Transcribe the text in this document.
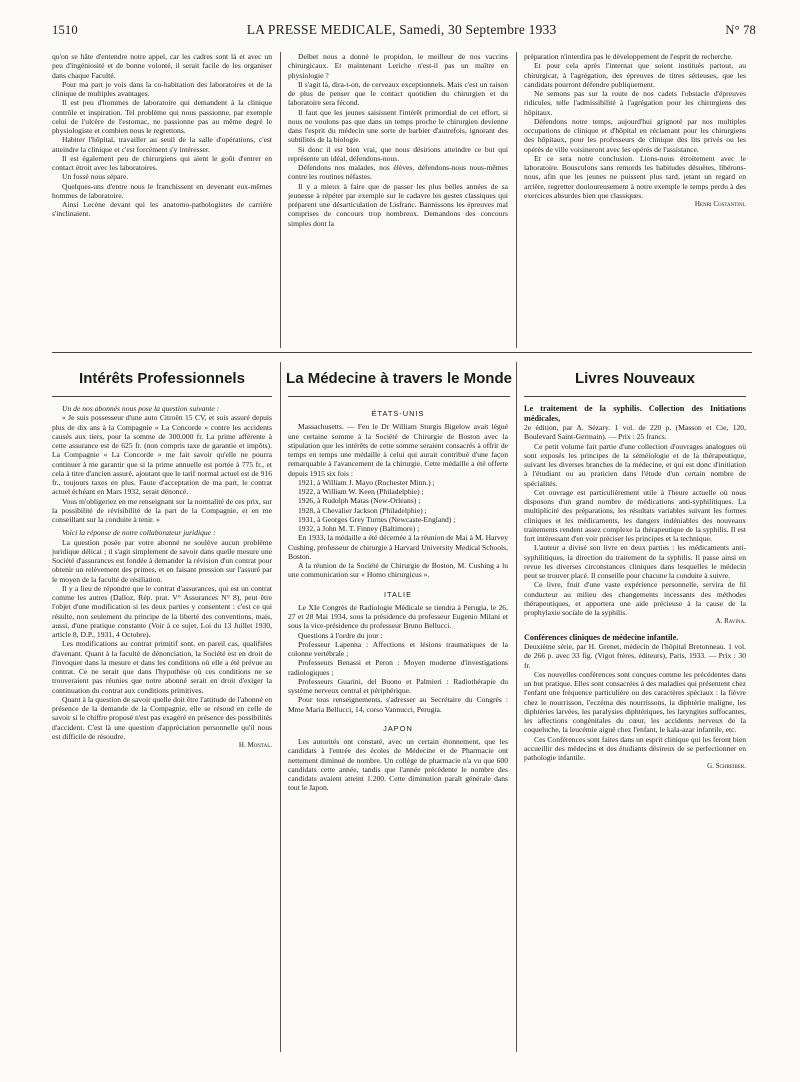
1510	LA PRESSE MEDICALE, Samedi, 30 Septembre 1933	N° 78

qu'on se hâte d'entendre notre appel, car les cadres sont là et avec un peu d'ingéniosité et de bonne volonté, il serait facile de les organiser dans chaque Faculté.

Pour ma part je vois dans la co-habitation des laboratoires et de la clinique de multiples avantages.

Il est peu d'hommes de laboratoire qui demandent à la clinique contrôle et inspiration. Tel problème qui nous passionne, par exemple celui de l'ulcère de l'estomac, ne passionne pas au même degré le physiologiste et combien nous le regrettons.

Habiter l'hôpital, travailler au seuil de la salle d'opérations, c'est atteindre la clinique et c'est forcément s'y intéresser.

Il est également peu de chirurgiens qui aient le goût d'entrer en contact étroit avec les laboratoires.

Un fossé nous sépare.

Quelques-uns d'entre nous le franchissent en devenant eux-mêmes hommes de laboratoire.

Ainsi Lecène devant qui les anatomo-pathologistes de carrière s'inclinaient.

Delbet nous a donné le propidon, le meilleur de nos vaccins chirurgicaux. Et maintenant Leriche n'est-il pas un maître en physiologie ?

Il s'agit là, dira-t-on, de cerveaux exceptionnels. Mais c'est un raison de plus de penser que le contact quotidien du chirurgien et du laboratoire sera fécond.

Il faut que les jeunes saisissent l'intérêt primordial de cet effort, si nous ne voulons pas que dans un temps proche le chirurgien devienne dans l'esprit du médecin une sorte de barbier d'autrefois, ignorant des subtilités de la biologie.

Si donc il est bien vrai, que nous désirions atteindre ce but qui représente un idéal, défendons-nous.

Défendons nos malades, nos élèves, défendons-nous nous-mêmes contre les routines néfastes.

Il y a mieux à faire que de passer les plus belles années de sa jeunesse à répéter par exemple sur le cadavre les gestes classiques qui préparent une désarticulation de Lisfranc. Bannissons les épreuves mal comprises de concours trop nombreux. Demandons des concours simples dont la

préparation n'interdira pas le développement de l'esprit de recherche.

Et pour cela après l'internat que soient institués partout, au chirurgicat, à l'agrégation, des épreuves de titres sérieuses, que les candidats pourront défendre publiquement.

Ne semons pas sur la route de nos cadets l'obstacle d'épreuves ridicules, telle l'admissibilité à l'agrégation pour les chirurgiens des hôpitaux.

Défendons notre temps, aujourd'hui grignoté par nos multiples occupations de clinique et d'hôpital en réclamant pour les chirurgiens des hôpitaux, pour les professeurs de clinique des lits privés ou les opérés de ville voisineront avec les opérés de l'assistance.

Et ce sera notre conclusion. Lions-nous étroitement avec le laboratoire. Bousculons sans remords les habitudes désuètes, libérons-nous, afin que les jeunes ne puissent plus tard, jetant un regard en arrière, regretter douloureusement à notre exemple le temps perdu à des exercices absurdes bien que classiques.

Henri Costantini.

Intérêts Professionnels	La Médecine à travers le Monde	Livres Nouveaux

Un de nos abonnés nous pose la question suivante :

« Je suis possesseur d'une auto Citroën 15 CV, et suis assuré depuis plus de dix ans à la Compagnie « La Concorde » contre les accidents causés aux tiers, pour la somme de 300.000 fr. La prime afférente à cette assurance est de 625 fr. (non compris taxe de garantie et impôts). La Compagnie « La Concorde » me fait savoir qu'elle ne pourra continuer à me garantir que si la prime annuelle est portée à 775 fr., et cela à titre d'ancien assuré, ajoutant que le tarif normal actuel est de 916 fr., toujours taxes en plus. Faute d'acceptation de ma part, le contrat actuel échéant en Mars 1932, serait dénoncé.

Vous m'obligeriez en me renseignant sur la normalité de ces prix, sur la possibilité de révisibilité de la part de la Compagnie, et en me conseillant sur la conduite à tenir. »

Voici la réponse de notre collaborateur juridique :

La question posée par votre abonné ne soulève aucun problème juridique délicat ; il s'agit simplement de savoir dans quelle mesure une Société d'assurances est fondée à demander la révision d'un contrat pour obtenir un relèvement des primes, et en faisant pression sur l'assuré par le moyen de la faculté de résiliation.

Il y a lieu de répondre que le contrat d'assurances, qui est un contrat comme les autres (Dalloz, Rép. prat. V° Assurances N° 8), peut être l'objet d'une modification si les deux parties y consentent : c'est ce qui résulte, non seulement du principe de la liberté des conventions, mais, aussi, d'une pratique constante (Voir à ce sujet, Loi du 13 Juillet 1930, article 8, D.P., 1931, 4 Octobre).

Les modifications au contrat primitif sont, en pareil cas, qualifiées d'avenant. Quant à la faculté de dénonciation, la Société est en droit de l'invoquer dans la mesure et dans les conditions où elle a été prévue au contrat. Ce ne serait que dans l'hypothèse où ces conditions ne se trouveraient pas réunies que notre abonné serait en droit d'exiger la continuation du contrat aux conditions primitives.

Quant à la question de savoir quelle doit être l'attitude de l'abonné en présence de la demande de la Compagnie, elle se résoud en celle de savoir si le chiffre proposé n'est pas exagéré en présence des possibilités d'accident. C'est là une question d'appréciation personnelle qu'il nous est difficile de résoudre.

H. Montal.

ÉTATS-UNIS

Massachusetts. — Feu le Dr William Sturgis Bigelow avait légué une certaine somme à la Société de Chirurgie de Boston avec la stipulation que les intérêts de cette somme seraient consacrés à offrir de temps en temps une médaille à celui qui aurait contribué d'une façon remarquable à l'avancement de la chirurgie. Cette médaille a été offerte depuis 1915 six fois :

1921, à William J. Mayo (Rochester Minn.) ;

1922, à William W. Keen (Philadelphie) ;

1926, à Rudolph Matas (New-Orleans) ;

1928, à Chevalier Jackson (Philadelphie) ;

1931, à Georges Grey Turnes (Newcaste-England) ;

1932, à John M. T. Finney (Baltimore) ;

En 1933, la médaille a été décernée à la réunion de Mai à M. Harvey Cushing, professeur de chirurgie à Harvard University Medical Schools, Boston.

A la réunion de la Société de Chirurgie de Boston, M. Cushing a lu une communication sur « Homo chirurgicus ».

ITALIE

Le XIe Congrès de Radiologie Médicale se tiendra à Perugia, le 26, 27 et 28 Mai 1934, sous la présidence du professeur Eugenio Milani et sous la vice-présidence du professeur Bruno Bellucci.

Questions à l'ordre du jour :

Professeur Lapenna : Affections et lésions traumatiques de la colonne vertébrale ;

Professeurs Benassi et Peron : Moyen moderne d'investigations radiologiques ;

Professeurs Guarini, del Buono et Palmieri : Radiothérapie du système nerveux central et périphérique.

Pour tous renseignements, s'adresser au Secrétaire du Congrès : Mme Maria Bellucci, 14, corso Vannucci, Perugia.

JAPON

Les autorités ont constaté, avec un certain étonnement, que les candidats à l'entrée des écoles de Médecine et de Pharmacie ont nettement diminué de nombre. Un collège de pharmacie n'a vu que 600 candidats cette année, tandis que l'année précédente le nombre des candidats avaient atteint 1.200. Cette diminution paraît générale dans tout le Japon.

Le traitement de la syphilis. Collection des Initiations médicales,

2e édition, par A. Sézary. 1 vol. de 220 p. (Masson et Cie, 120, Boulevard Saint-Germain). — Prix : 25 francs.

Ce petit volume fait partie d'une collection d'ouvrages analogues où sont exposés les principes de la séméiologie et de la thérapeutique, suivant les diverses branches de la médecine, et qui est donc d'initiation à l'étudiant ou au praticien dans l'étude d'un certain nombre de spécialités.

Cet ouvrage est particulièrement utile à l'heure actuelle où nous disposons d'un grand nombre de médications anti-syphilitiques. La multiplicité des préparations, les résultats variables suivant les formes cliniques et les médicaments, les dangers indéniables des nouveaux traitements rendent assez complexe la thérapeutique de la syphilis. Il est fort intéressant d'en voir préciser les principes et la technique.

L'auteur a divisé son livre en deux parties : les médicaments anti-syphilitiques, la direction du traitement de la syphilis. Il passe ainsi en revue les diverses circonstances cliniques dans lesquelles le médecin peut se trouver placé. Il conseille pour chacune la conduite à suivre.

Ce livre, fruit d'une vaste expérience personnelle, servira de fil conducteur au milieu des changements incessants des méthodes thérapeutiques, et apportera une aide précieuse à la cause de la prophylaxie sociale de la syphilis.

A. Ravina.

Conférences cliniques de médecine infantile.

Deuxième série, par H. Grenet, médecin de l'hôpital Bretonneau. 1 vol. de 266 p. avec 33 fig. (Vigot frères, éditeurs), Paris, 1933. — Prix : 30 fr.

Ces nouvelles conférences sont conçues comme les précédentes dans un but pratique. Elles sont consacrées à des maladies qui présentent chez l'enfant une fréquence particulière ou des caractères spéciaux : la fièvre chez le nourrisson, l'eczéma des nourrissons, la diphtérie maligne, les diphtéries larvées, les paralysies diphtériques, les laryngites suffocantes, les affections congénitales du cœur, les accidents nerveux de la coqueluche, la leucémie aiguë chez l'enfant, le kala-azar infantile, etc.

Ces Conférences sont faites dans un esprit clinique qui les feront bien accueillir des médecins et des étudiants désireux de se perfectionner en pathologie infantile.

G. Schreiber.
